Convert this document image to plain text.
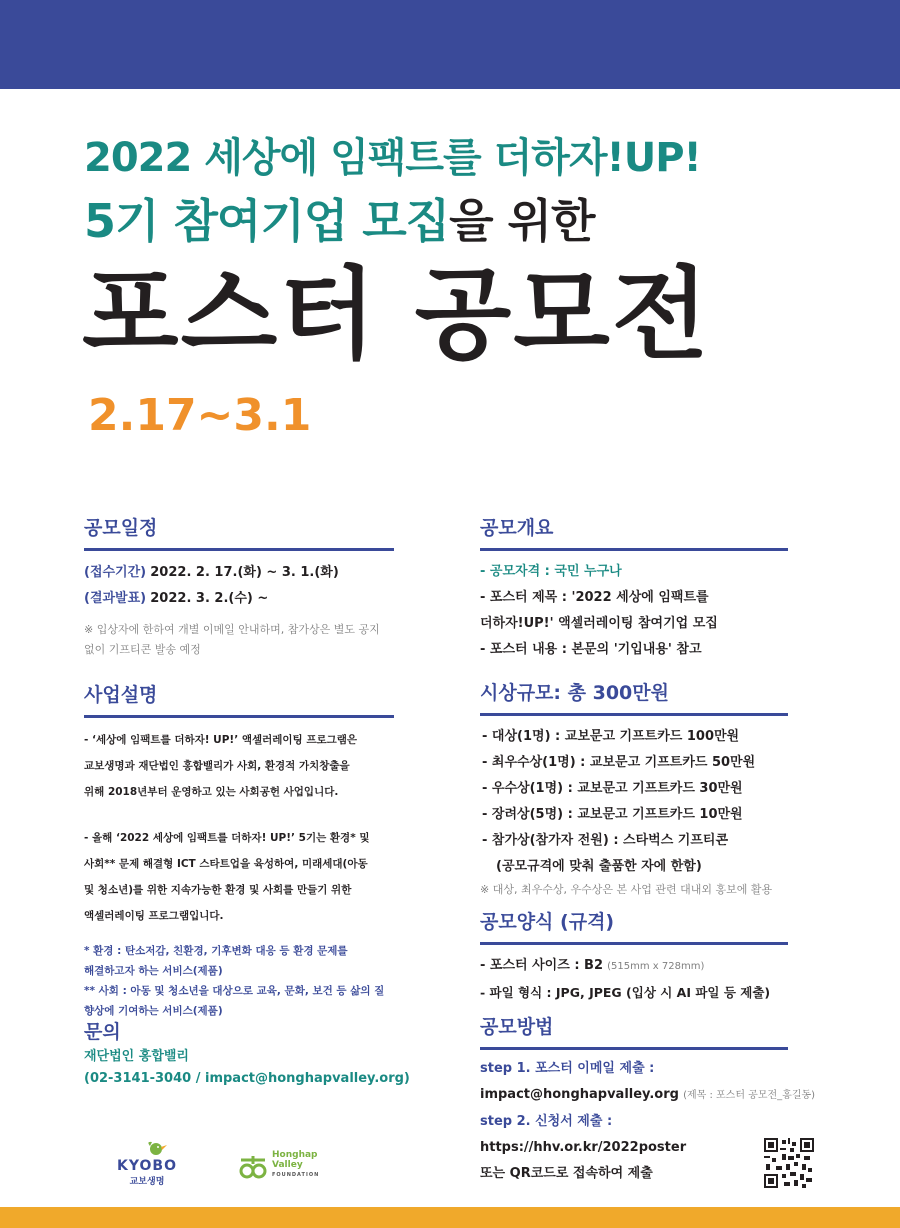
2022 세상에 임팩트를 더하자!UP!
5기 참여기업 모집을 위한
포스터 공모전
2.17~3.1
공모일정
(접수기간) 2022. 2. 17.(화) ~ 3. 1.(화)
(결과발표) 2022. 3. 2.(수) ~
※ 입상자에 한하여 개별 이메일 안내하며, 참가상은 별도 공지
없이 기프티콘 발송 예정
사업설명
- ‘세상에 임팩트를 더하자! UP!’ 액셀러레이팅 프로그램은
교보생명과 재단법인 홍합밸리가 사회, 환경적 가치창출을
위해 2018년부터 운영하고 있는 사회공헌 사업입니다.
- 올해 ‘2022 세상에 임팩트를 더하자! UP!’ 5기는 환경* 및
사회** 문제 해결형 ICT 스타트업을 육성하여, 미래세대(아동
및 청소년)를 위한 지속가능한 환경 및 사회를 만들기 위한
액셀러레이팅 프로그램입니다.
* 환경 : 탄소저감, 친환경, 기후변화 대응 등 환경 문제를
해결하고자 하는 서비스(제품)
** 사회 : 아동 및 청소년을 대상으로 교육, 문화, 보건 등 삶의 질
향상에 기여하는 서비스(제품)
문의
재단법인 홍합밸리
(02-3141-3040 / impact@honghapvalley.org)
공모개요
- 공모자격 : 국민 누구나
- 포스터 제목 : '2022 세상에 임팩트를
더하자!UP!' 액셀러레이팅 참여기업 모집
- 포스터 내용 : 본문의 '기입내용' 참고
시상규모: 총 300만원
- 대상(1명) : 교보문고 기프트카드 100만원
- 최우수상(1명) : 교보문고 기프트카드 50만원
- 우수상(1명) : 교보문고 기프트카드 30만원
- 장려상(5명) : 교보문고 기프트카드 10만원
- 참가상(참가자 전원) : 스타벅스 기프티콘
(공모규격에 맞춰 출품한 자에 한함)
※ 대상, 최우수상, 우수상은 본 사업 관련 대내외 홍보에 활용
공모양식 (규격)
- 포스터 사이즈 : B2 (515mm x 728mm)
- 파일 형식 : JPG, JPEG (입상 시 AI 파일 등 제출)
공모방법
step 1. 포스터 이메일 제출 :
impact@honghapvalley.org (제목 : 포스터 공모전_홍길동)
step 2. 신청서 제출 :
https://hhv.or.kr/2022poster
또는 QR코드로 접속하여 제출
KYOBO
교보생명
Honghap
Valley
FOUNDATION
